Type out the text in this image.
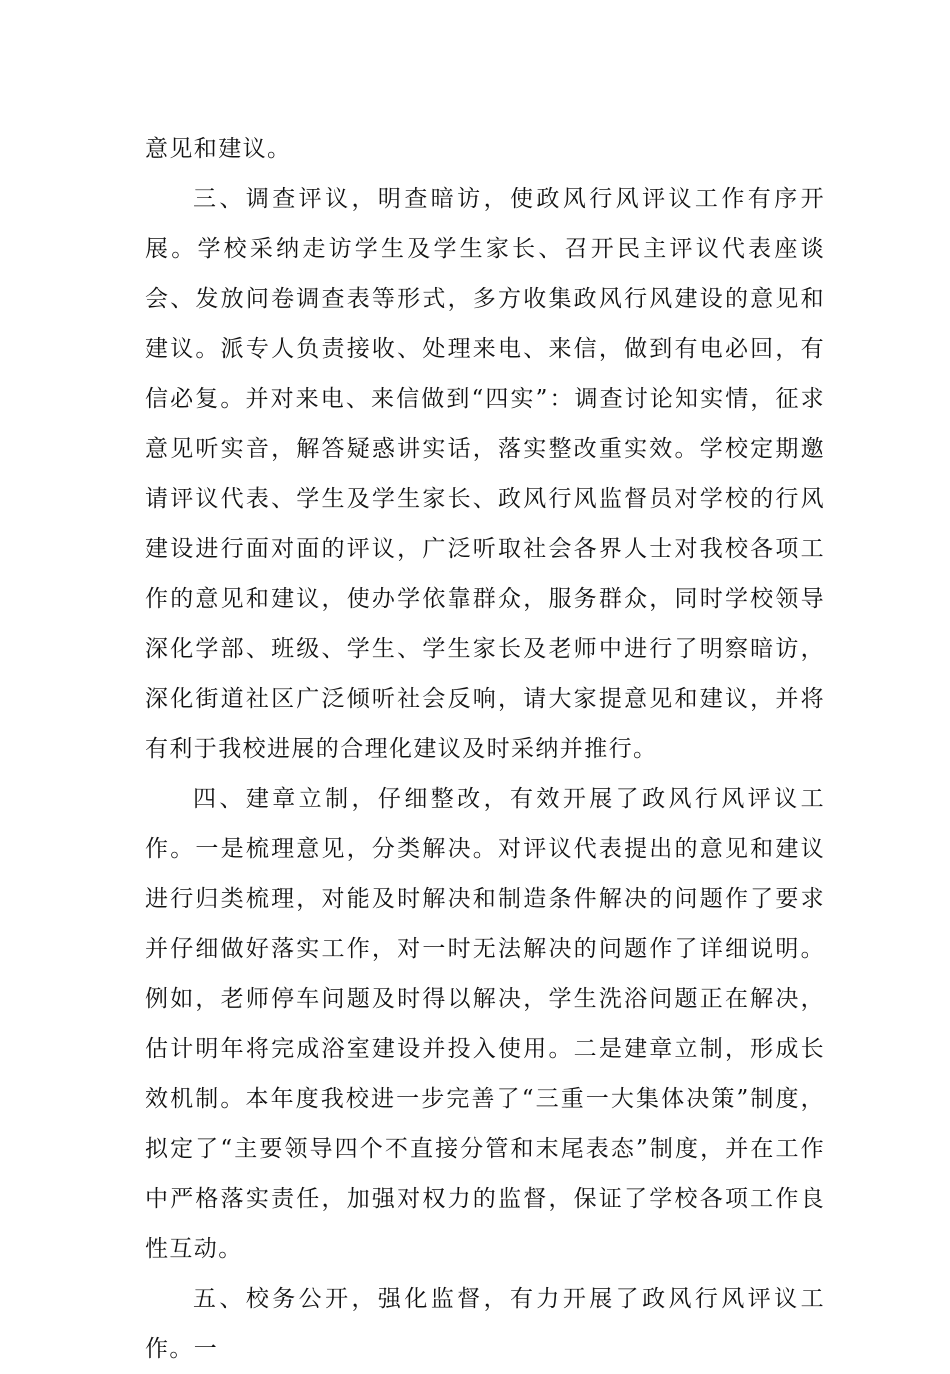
意见和建议。

三、调查评议，明查暗访，使政风行风评议工作有序开展。学校采纳走访学生及学生家长、召开民主评议代表座谈会、发放问卷调查表等形式，多方收集政风行风建设的意见和建议。派专人负责接收、处理来电、来信，做到有电必回，有信必复。并对来电、来信做到“四实”：调查讨论知实情，征求意见听实音，解答疑惑讲实话，落实整改重实效。学校定期邀请评议代表、学生及学生家长、政风行风监督员对学校的行风建设进行面对面的评议，广泛听取社会各界人士对我校各项工作的意见和建议，使办学依靠群众，服务群众，同时学校领导深化学部、班级、学生、学生家长及老师中进行了明察暗访，深化街道社区广泛倾听社会反响，请大家提意见和建议，并将有利于我校进展的合理化建议及时采纳并推行。

四、建章立制，仔细整改，有效开展了政风行风评议工作。一是梳理意见，分类解决。对评议代表提出的意见和建议进行归类梳理，对能及时解决和制造条件解决的问题作了要求并仔细做好落实工作，对一时无法解决的问题作了详细说明。例如，老师停车问题及时得以解决，学生洗浴问题正在解决，估计明年将完成浴室建设并投入使用。二是建章立制，形成长效机制。本年度我校进一步完善了“三重一大集体决策”制度，拟定了“主要领导四个不直接分管和末尾表态”制度，并在工作中严格落实责任，加强对权力的监督，保证了学校各项工作良性互动。

五、校务公开，强化监督，有力开展了政风行风评议工作。一
